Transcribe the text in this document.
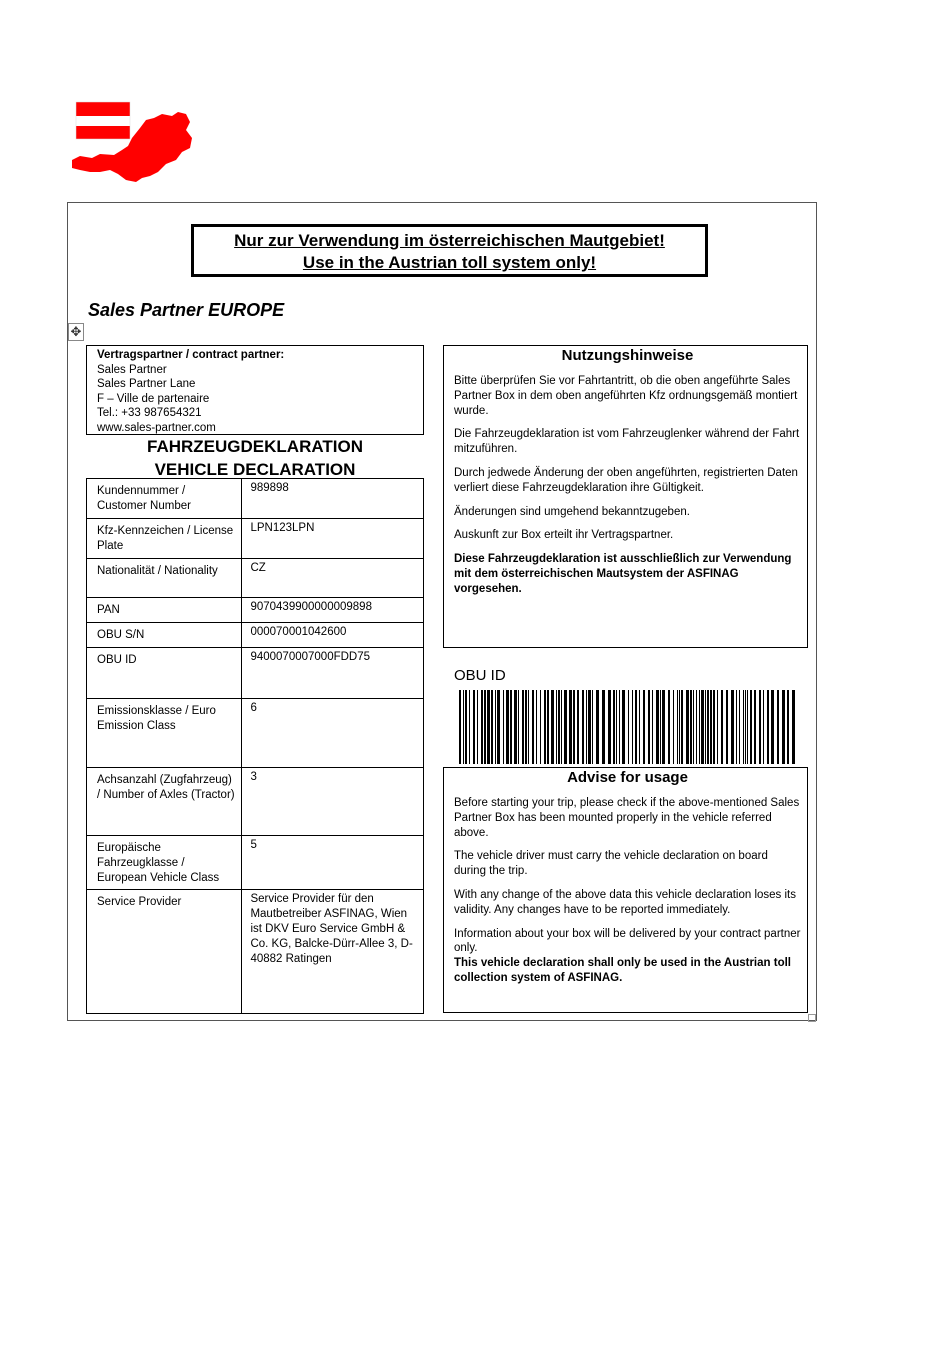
Nur zur Verwendung im österreichischen Mautgebiet!
Use in the Austrian toll system only!
Sales Partner EUROPE
✥
Vertragspartner / contract partner:
Sales Partner
Sales Partner Lane
F – Ville de partenaire
Tel.: +33 987654321
www.sales-partner.com
FAHRZEUGDEKLARATION
VEHICLE DECLARATION
Kundennummer / Customer Number	989898
Kfz-Kennzeichen / License Plate	LPN123LPN
Nationalität / Nationality	CZ
PAN	9070439900000009898
OBU S/N	000070001042600
OBU ID	9400070007000FDD75
Emissionsklasse / Euro Emission Class	6
Achsanzahl (Zugfahrzeug) / Number of Axles (Tractor)	3
Europäische Fahrzeugklasse / European Vehicle Class	5
Service Provider	Service Provider für den Mautbetreiber ASFINAG, Wien ist DKV Euro Service GmbH & Co. KG, Balcke-Dürr-Allee 3, D-40882 Ratingen
Nutzungshinweise

Bitte überprüfen Sie vor Fahrtantritt, ob die oben angeführte Sales Partner Box in dem oben angeführten Kfz ordnungsgemäß montiert wurde.

Die Fahrzeugdeklaration ist vom Fahrzeuglenker während der Fahrt mitzuführen.

Durch jedwede Änderung der oben angeführten, registrierten Daten verliert diese Fahrzeugdeklaration ihre Gültigkeit.

Änderungen sind umgehend bekanntzugeben.

Auskunft zur Box erteilt ihr Vertragspartner.

Diese Fahrzeugdeklaration ist ausschließlich zur Verwendung mit dem österreichischen Mautsystem der ASFINAG vorgesehen.

OBU ID
Advise for usage

Before starting your trip, please check if the above-mentioned Sales Partner Box has been mounted properly in the vehicle referred above.

The vehicle driver must carry the vehicle declaration on board during the trip.

With any change of the above data this vehicle declaration loses its validity. Any changes have to be reported immediately.

Information about your box will be delivered by your contract partner only.

This vehicle declaration shall only be used in the Austrian toll collection system of ASFINAG.
